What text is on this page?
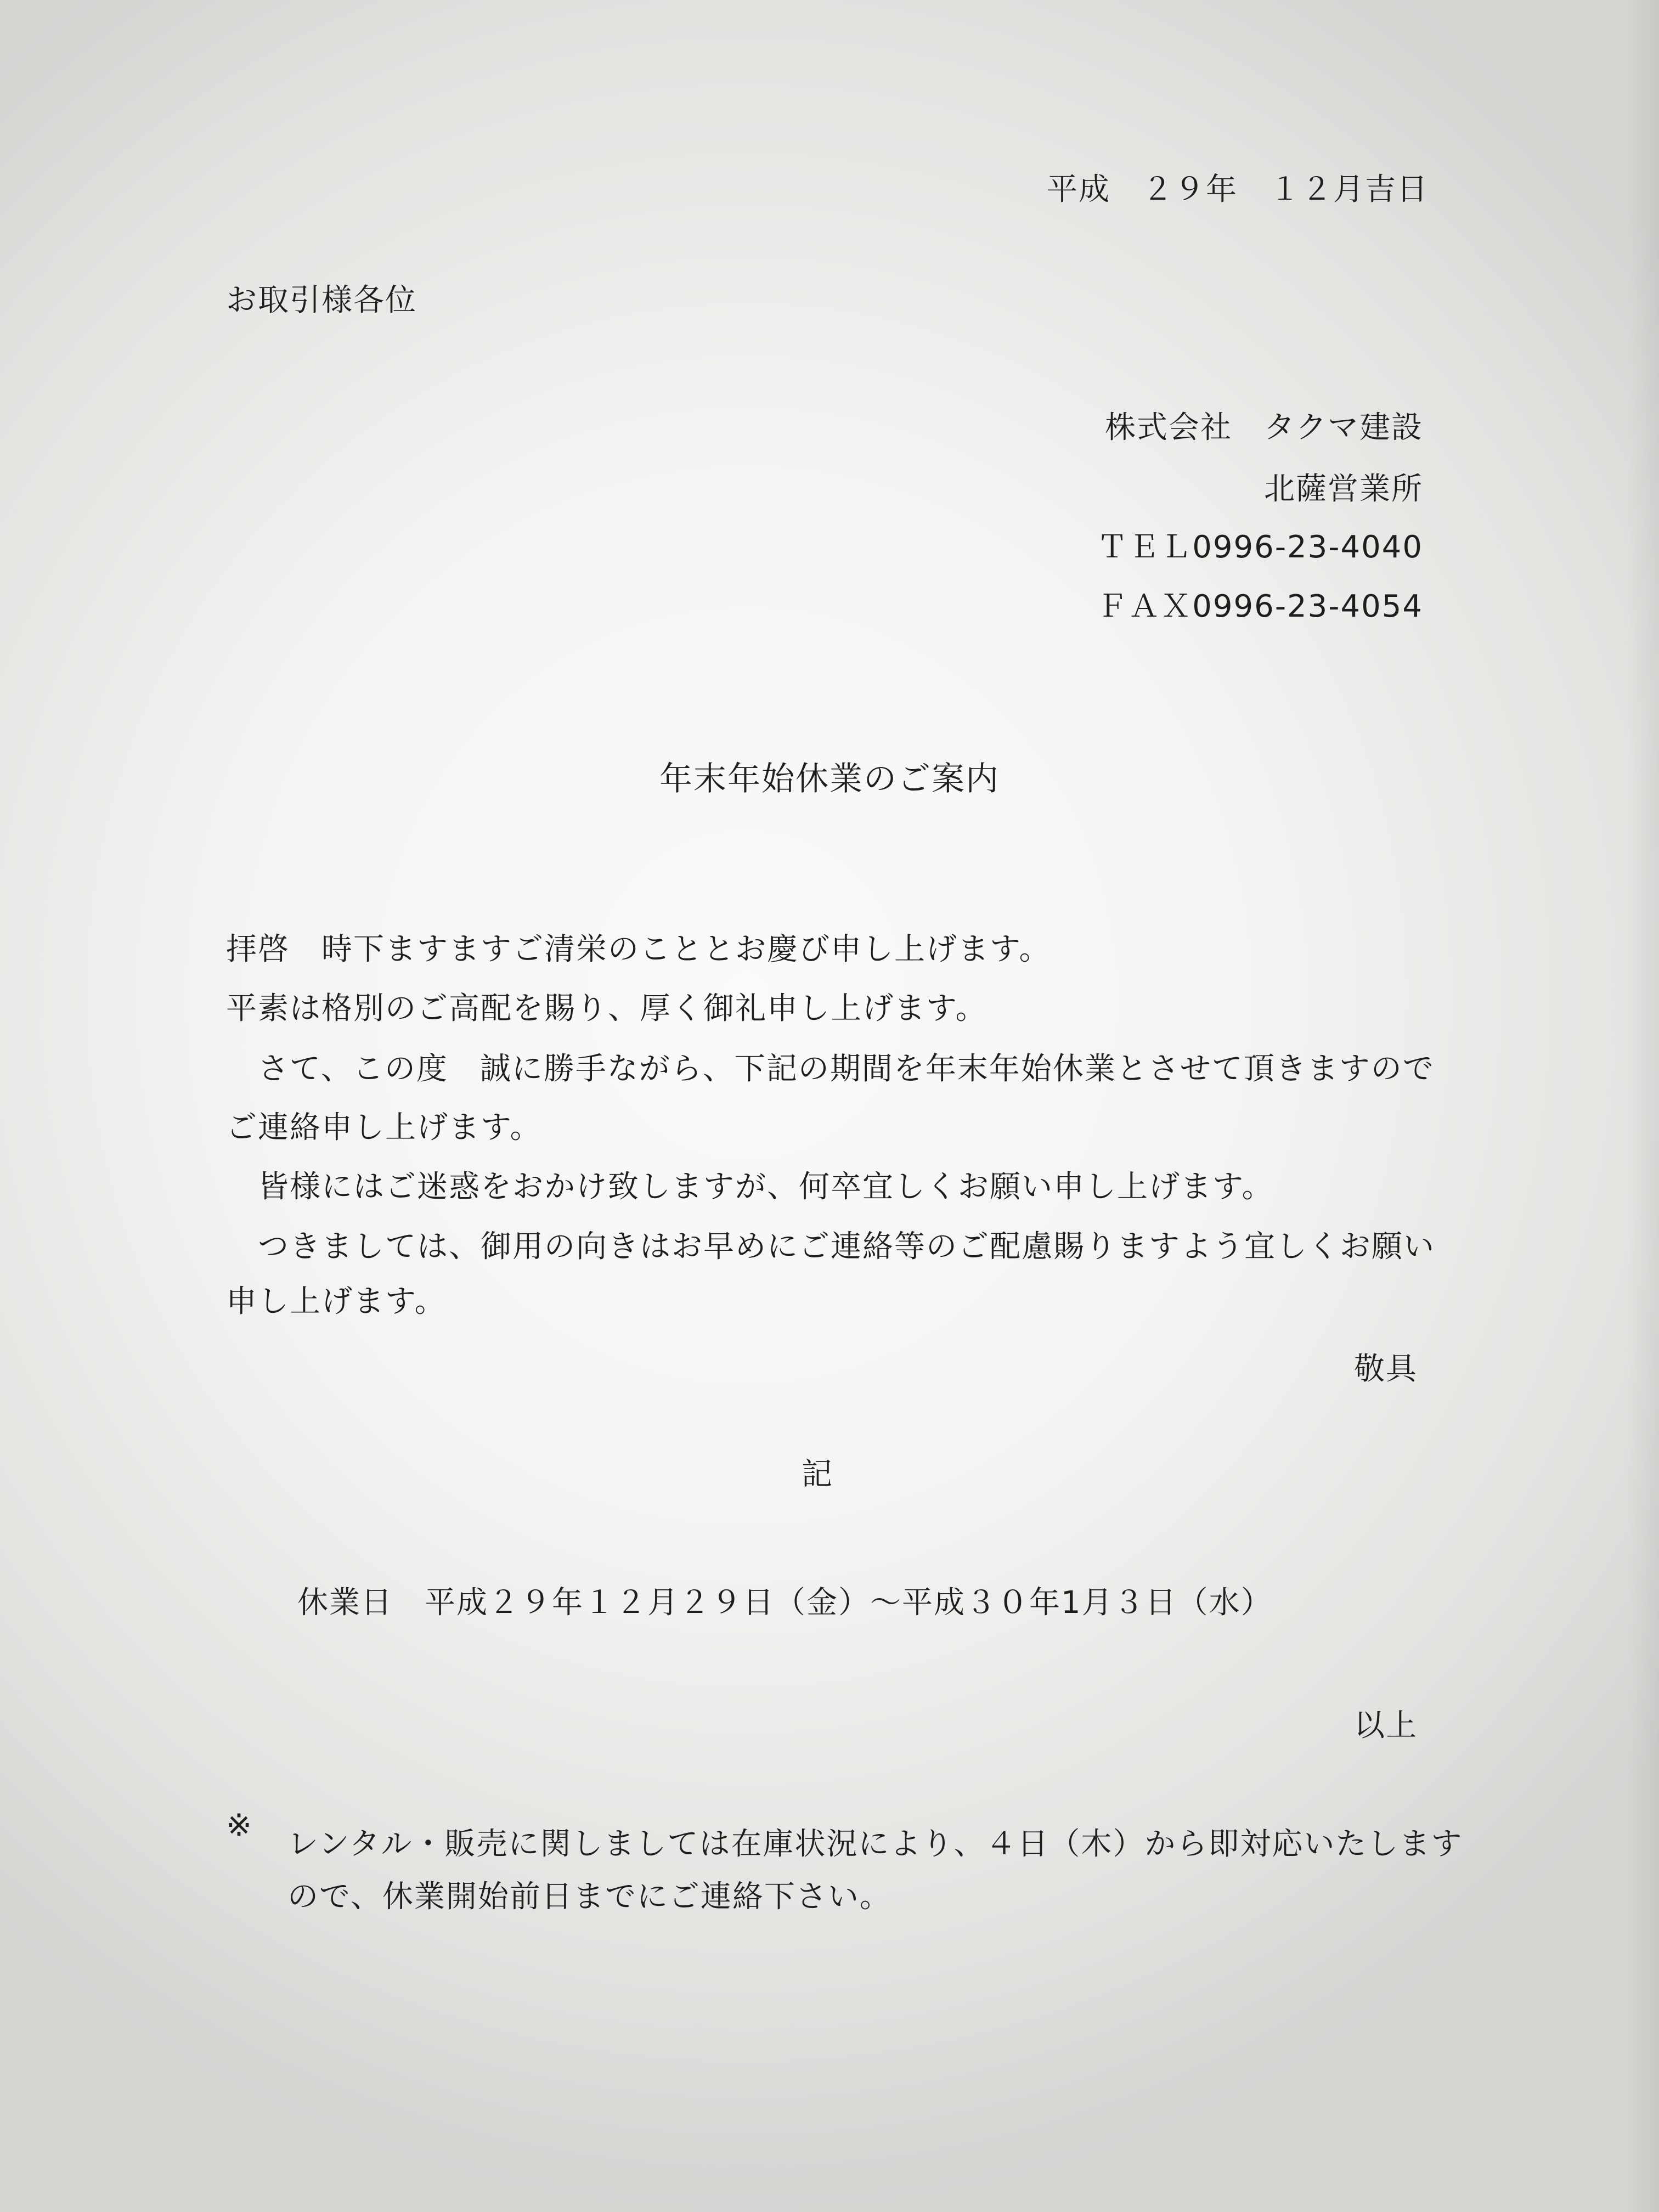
平成　２９年　１２月吉日
お取引様各位
株式会社　タクマ建設
北薩営業所
ＴＥＬ0996-23-4040
ＦＡＸ0996-23-4054
年末年始休業のご案内
拝啓　時下ますますご清栄のこととお慶び申し上げます。
平素は格別のご高配を賜り、厚く御礼申し上げます。
　さて、この度　誠に勝手ながら、下記の期間を年末年始休業とさせて頂きますので
ご連絡申し上げます。
　皆様にはご迷惑をおかけ致しますが、何卒宜しくお願い申し上げます。
　つきましては、御用の向きはお早めにご連絡等のご配慮賜りますよう宜しくお願い
申し上げます。
敬具
記
休業日　平成２９年１２月２９日（金）～平成３０年1月３日（水）
以上
※
レンタル・販売に関しましては在庫状況により、４日（木）から即対応いたします
ので、休業開始前日までにご連絡下さい。
